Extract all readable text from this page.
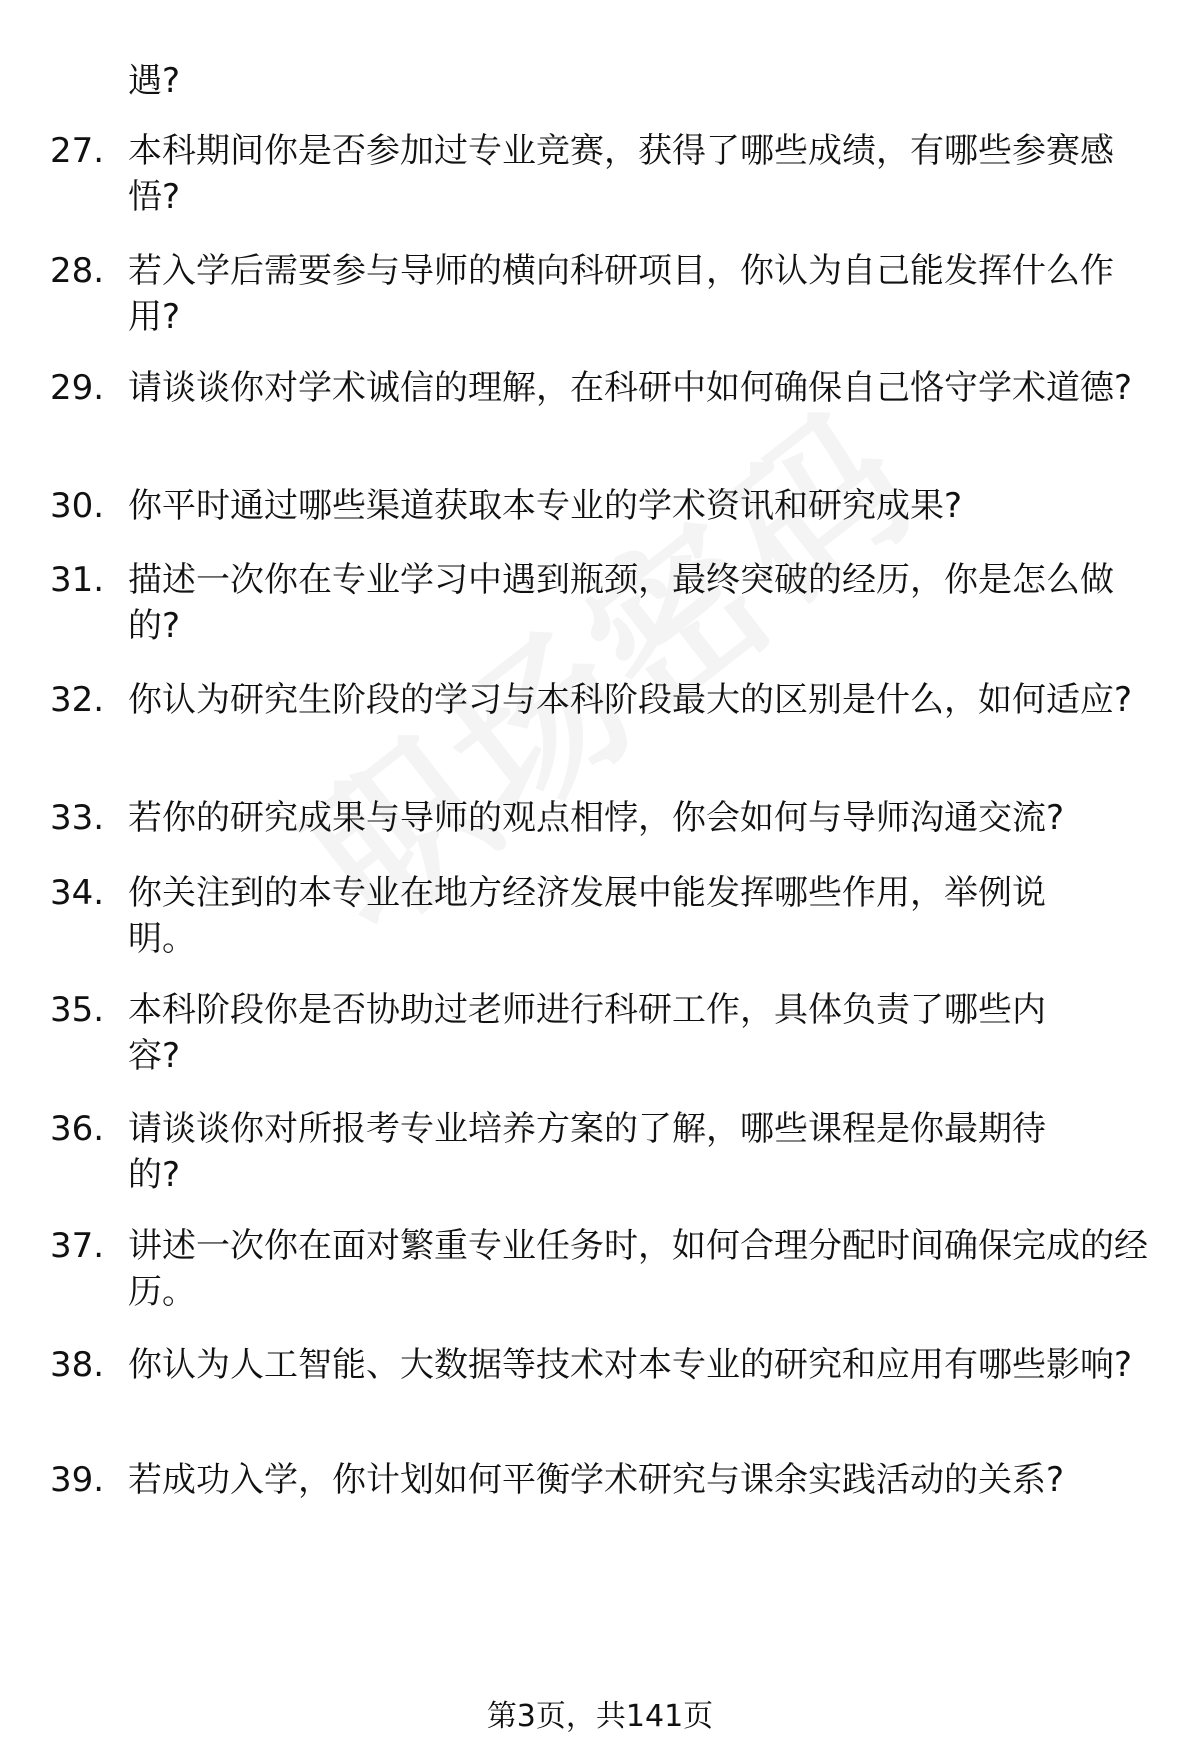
遇?
27. 本科期间你是否参加过专业竞赛，获得了哪些成绩，有哪些参赛感悟?
28. 若入学后需要参与导师的横向科研项目，你认为自己能发挥什么作用?
29. 请谈谈你对学术诚信的理解，在科研中如何确保自己恪守学术道德?
30. 你平时通过哪些渠道获取本专业的学术资讯和研究成果?
31. 描述一次你在专业学习中遇到瓶颈，最终突破的经历，你是怎么做的?
32. 你认为研究生阶段的学习与本科阶段最大的区别是什么，如何适应?
33. 若你的研究成果与导师的观点相悖，你会如何与导师沟通交流?
34. 你关注到的本专业在地方经济发展中能发挥哪些作用，举例说明。
35. 本科阶段你是否协助过老师进行科研工作，具体负责了哪些内容?
36. 请谈谈你对所报考专业培养方案的了解，哪些课程是你最期待的?
37. 讲述一次你在面对繁重专业任务时，如何合理分配时间确保完成的经历。
38. 你认为人工智能、大数据等技术对本专业的研究和应用有哪些影响?
39. 若成功入学，你计划如何平衡学术研究与课余实践活动的关系?
第3页，共141页
